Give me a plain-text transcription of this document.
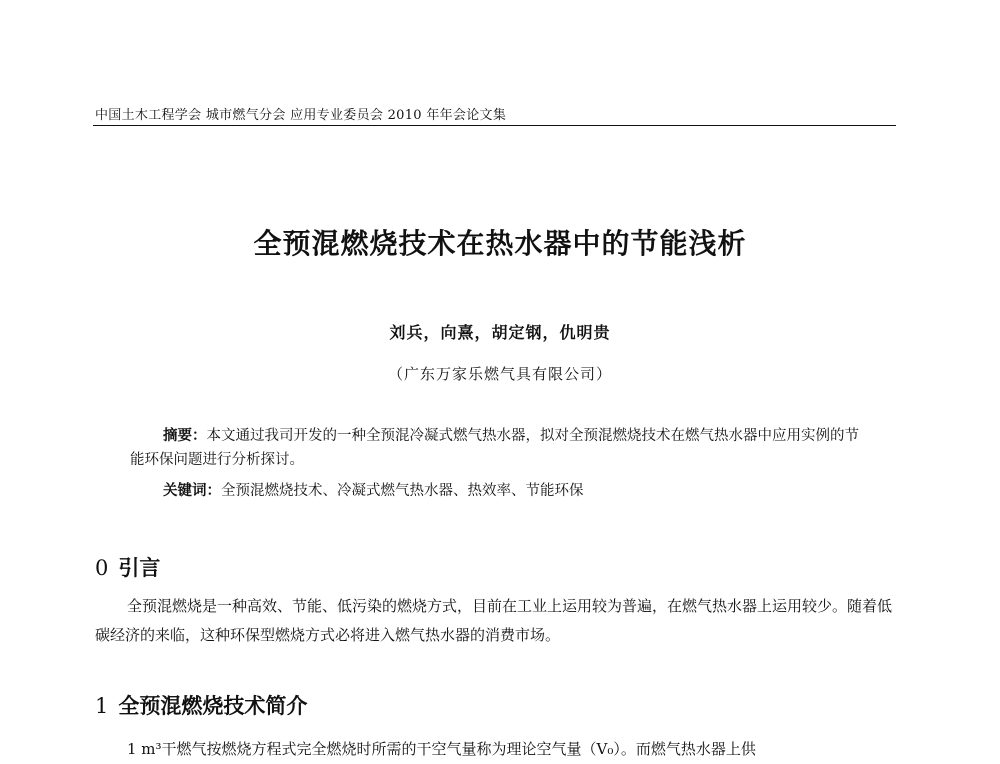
中国土木工程学会 城市燃气分会 应用专业委员会 2010 年年会论文集
全预混燃烧技术在热水器中的节能浅析
刘兵，向熹，胡定钢，仇明贵
（广东万家乐燃气具有限公司）

摘要：本文通过我司开发的一种全预混冷凝式燃气热水器，拟对全预混燃烧技术在燃气热水器中应用实例的节能环保问题进行分析探讨。

关键词：全预混燃烧技术、冷凝式燃气热水器、热效率、节能环保

0 引言

全预混燃烧是一种高效、节能、低污染的燃烧方式，目前在工业上运用较为普遍，在燃气热水器上运用较少。随着低碳经济的来临，这种环保型燃烧方式必将进入燃气热水器的消费市场。

1 全预混燃烧技术简介

1 m³干燃气按燃烧方程式完全燃烧时所需的干空气量称为理论空气量（V₀）。而燃气热水器上供
